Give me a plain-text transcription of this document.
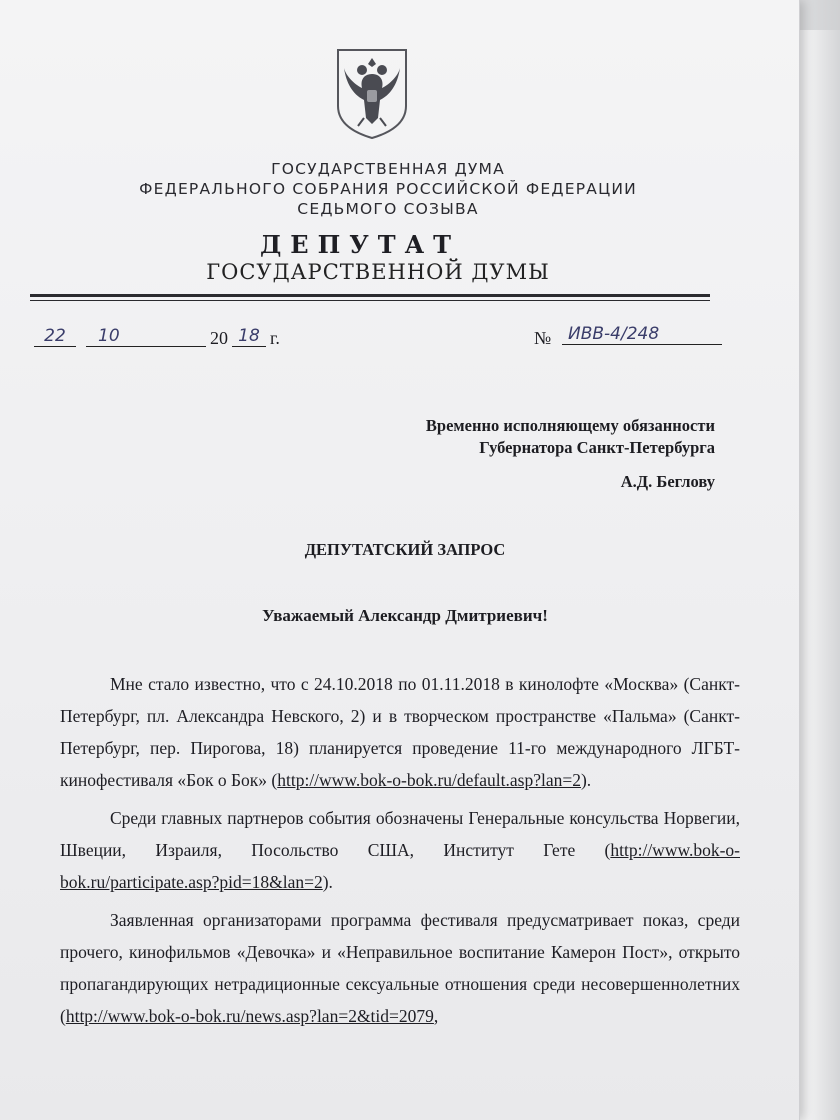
ГОСУДАРСТВЕННАЯ ДУМА
ФЕДЕРАЛЬНОГО СОБРАНИЯ РОССИЙСКОЙ ФЕДЕРАЦИИ
СЕДЬМОГО СОЗЫВА
ДЕПУТАТ
ГОСУДАРСТВЕННОЙ ДУМЫ
22	10	20 18 г.	№ ИВВ-4/248
Временно исполняющему обязанности
Губернатора Санкт-Петербурга
А.Д. Беглову
ДЕПУТАТСКИЙ ЗАПРОС
Уважаемый Александр Дмитриевич!

Мне стало известно, что с 24.10.2018 по 01.11.2018 в кинолофте «Москва» (Санкт-Петербург, пл. Александра Невского, 2) и в творческом пространстве «Пальма» (Санкт-Петербург, пер. Пирогова, 18) планируется проведение 11-го международного ЛГБТ-кинофестиваля «Бок о Бок» (http://www.bok-o-bok.ru/default.asp?lan=2).

Среди главных партнеров события обозначены Генеральные консульства Норвегии, Швеции, Израиля, Посольство США, Институт Гете (http://www.bok-o-bok.ru/participate.asp?pid=18&lan=2).

Заявленная организаторами программа фестиваля предусматривает показ, среди прочего, кинофильмов «Девочка» и «Неправильное воспитание Камерон Пост», открыто пропагандирующих нетрадиционные сексуальные отношения среди несовершеннолетних (http://www.bok-o-bok.ru/news.asp?lan=2&tid=2079,
